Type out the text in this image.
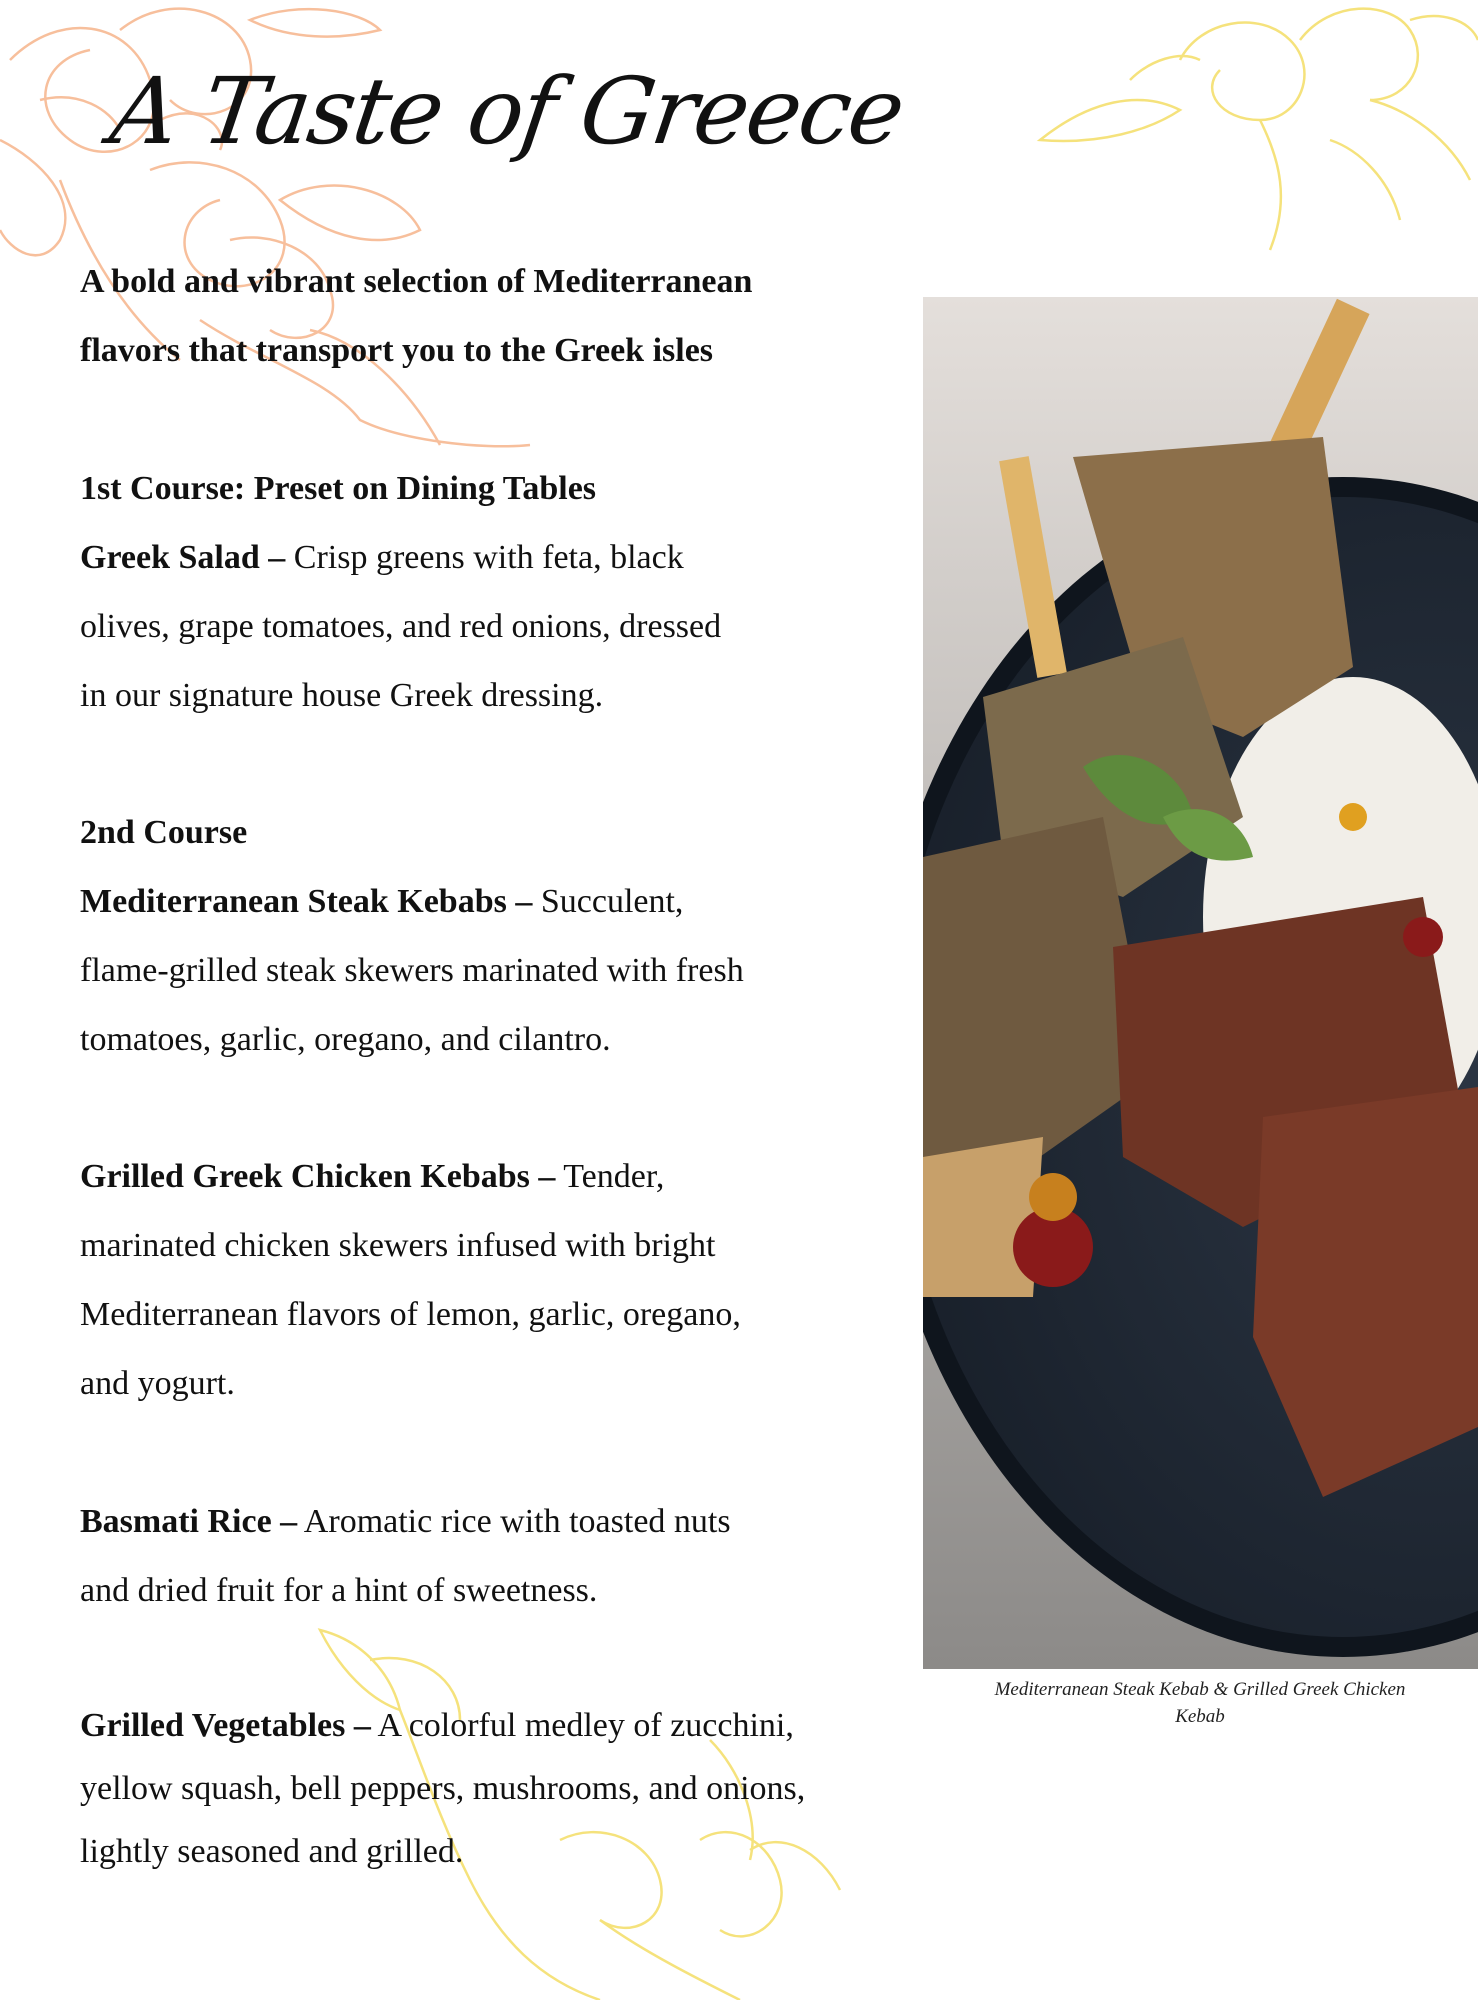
A Taste of Greece
A bold and vibrant selection of Mediterranean
flavors that transport you to the Greek isles
1st Course: Preset on Dining Tables
Greek Salad – Crisp greens with feta, black
olives, grape tomatoes, and red onions, dressed
in our signature house Greek dressing.
2nd Course
Mediterranean Steak Kebabs – Succulent,
flame-grilled steak skewers marinated with fresh
tomatoes, garlic, oregano, and cilantro.
Grilled Greek Chicken Kebabs – Tender,
marinated chicken skewers infused with bright
Mediterranean flavors of lemon, garlic, oregano,
and yogurt.
Basmati Rice – Aromatic rice with toasted nuts
and dried fruit for a hint of sweetness.
Grilled Vegetables – A colorful medley of zucchini,
yellow squash, bell peppers, mushrooms, and onions,
lightly seasoned and grilled.
Mediterranean Steak Kebab & Grilled Greek Chicken Kebab
